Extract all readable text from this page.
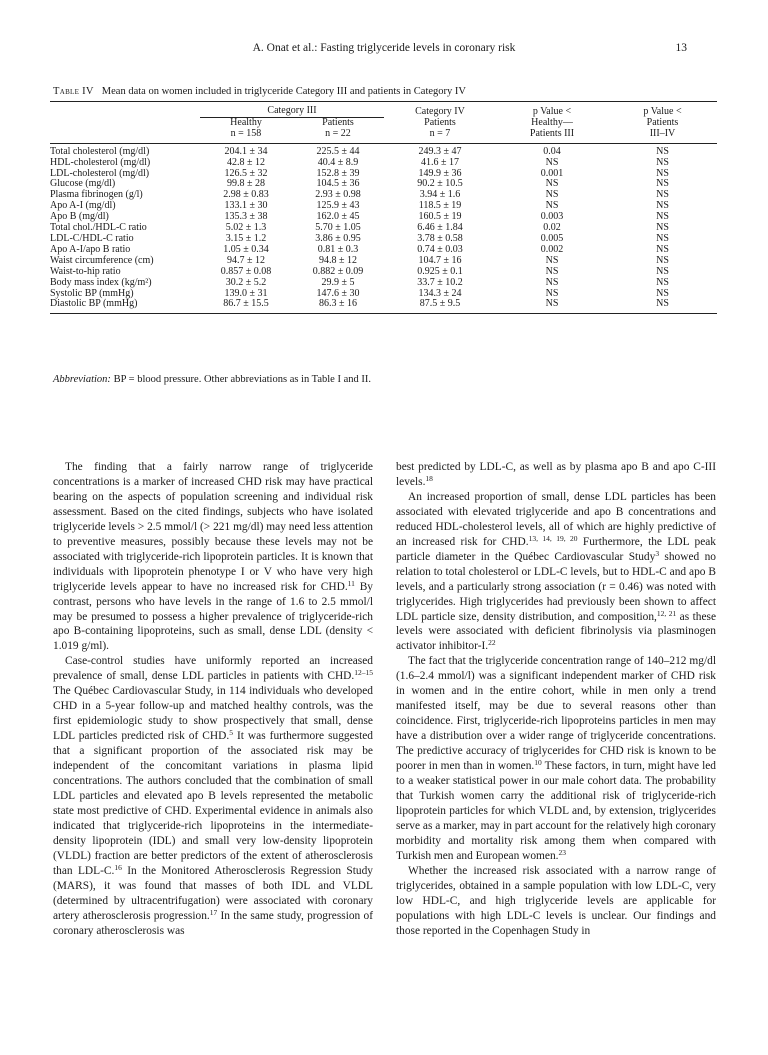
A. Onat et al.: Fasting triglyceride levels in coronary risk	13
Table IV Mean data on women included in triglyceride Category III and patients in Category IV

	Category III		Category IV	p Value <	p Value <
	Healthy	Patients	Patients	Healthy—	Patients
	n = 158	n = 22	n = 7	Patients III	III–IV
Total cholesterol (mg/dl)	204.1 ± 34	225.5 ± 44	249.3 ± 47	0.04	NS
HDL-cholesterol (mg/dl)	42.8 ± 12	40.4 ± 8.9	41.6 ± 17	NS	NS
LDL-cholesterol (mg/dl)	126.5 ± 32	152.8 ± 39	149.9 ± 36	0.001	NS
Glucose (mg/dl)	99.8 ± 28	104.5 ± 36	90.2 ± 10.5	NS	NS
Plasma fibrinogen (g/l)	2.98 ± 0.83	2.93 ± 0.98	3.94 ± 1.6	NS	NS
Apo A-I (mg/dl)	133.1 ± 30	125.9 ± 43	118.5 ± 19	NS	NS
Apo B (mg/dl)	135.3 ± 38	162.0 ± 45	160.5 ± 19	0.003	NS
Total chol./HDL-C ratio	5.02 ± 1.3	5.70 ± 1.05	6.46 ± 1.84	0.02	NS
LDL-C/HDL-C ratio	3.15 ± 1.2	3.86 ± 0.95	3.78 ± 0.58	0.005	NS
Apo A-I/apo B ratio	1.05 ± 0.34	0.81 ± 0.3	0.74 ± 0.03	0.002	NS
Waist circumference (cm)	94.7 ± 12	94.8 ± 12	104.7 ± 16	NS	NS
Waist-to-hip ratio	0.857 ± 0.08	0.882 ± 0.09	0.925 ± 0.1	NS	NS
Body mass index (kg/m²)	30.2 ± 5.2	29.9 ± 5	33.7 ± 10.2	NS	NS
Systolic BP (mmHg)	139.0 ± 31	147.6 ± 30	134.3 ± 24	NS	NS
Diastolic BP (mmHg)	86.7 ± 15.5	86.3 ± 16	87.5 ± 9.5	NS	NS
Abbreviation: BP = blood pressure. Other abbreviations as in Table I and II.

The finding that a fairly narrow range of triglyceride concentrations is a marker of increased CHD risk may have practical bearing on the aspects of population screening and individual risk assessment. Based on the cited findings, subjects who have isolated triglyceride levels > 2.5 mmol/l (> 221 mg/dl) may need less attention to preventive measures, possibly because these levels may not be associated with triglyceride-rich lipoprotein particles. It is known that individuals with lipoprotein phenotype I or V who have very high triglyceride levels appear to have no increased risk for CHD.$^{11}$ By contrast, persons who have levels in the range of 1.6 to 2.5 mmol/l may be presumed to possess a higher prevalence of triglyceride-rich apo B-containing lipoproteins, such as small, dense LDL (density < 1.019 g/ml).

Case-control studies have uniformly reported an increased prevalence of small, dense LDL particles in patients with CHD.$^{12-15}$ The Québec Cardiovascular Study, in 114 individuals who developed CHD in a 5-year follow-up and matched healthy controls, was the first epidemiologic study to show prospectively that small, dense LDL particles predicted risk of CHD.$^5$ It was furthermore suggested that a significant proportion of the associated risk may be independent of the concomitant variations in plasma lipid concentrations. The authors concluded that the combination of small LDL particles and elevated apo B levels represented the metabolic state most predictive of CHD. Experimental evidence in animals also indicated that triglyceride-rich lipoproteins in the intermediate-density lipoprotein (IDL) and small very low-density lipoprotein (VLDL) fraction are better predictors of the extent of atherosclerosis than LDL-C.$^{16}$ In the Monitored Atherosclerosis Regression Study (MARS), it was found that masses of both IDL and VLDL (determined by ultracentrifugation) were associated with coronary artery atherosclerosis progression.$^{17}$ In the same study, progression of coronary atherosclerosis was

best predicted by LDL-C, as well as by plasma apo B and apo C-III levels.$^{18}$

An increased proportion of small, dense LDL particles has been associated with elevated triglyceride and apo B concentrations and reduced HDL-cholesterol levels, all of which are highly predictive of an increased risk for CHD.$^{13, 14, 19, 20}$ Furthermore, the LDL peak particle diameter in the Québec Cardiovascular Study$^3$ showed no relation to total cholesterol or LDL-C levels, but to HDL-C and apo B levels, and a particularly strong association (r = 0.46) was noted with triglycerides. High triglycerides had previously been shown to affect LDL particle size, density distribution, and composition,$^{12, 21}$ as these levels were associated with deficient fibrinolysis via plasminogen activator inhibitor-I.$^{22}$

The fact that the triglyceride concentration range of 140–212 mg/dl (1.6–2.4 mmol/l) was a significant independent marker of CHD risk in women and in the entire cohort, while in men only a trend manifested itself, may be due to several reasons other than coincidence. First, triglyceride-rich lipoproteins particles in men may have a distribution over a wider range of triglyceride concentrations. The predictive accuracy of triglycerides for CHD risk is known to be poorer in men than in women.$^{10}$ These factors, in turn, might have led to a weaker statistical power in our male cohort data. The probability that Turkish women carry the additional risk of triglyceride-rich lipoprotein particles for which VLDL and, by extension, triglycerides serve as a marker, may in part account for the relatively high coronary morbidity and mortality risk among them when compared with Turkish men and European women.$^{23}$

Whether the increased risk associated with a narrow range of triglycerides, obtained in a sample population with low LDL-C, very low HDL-C, and high triglyceride levels are applicable for populations with high LDL-C levels is unclear. Our findings and those reported in the Copenhagen Study in
